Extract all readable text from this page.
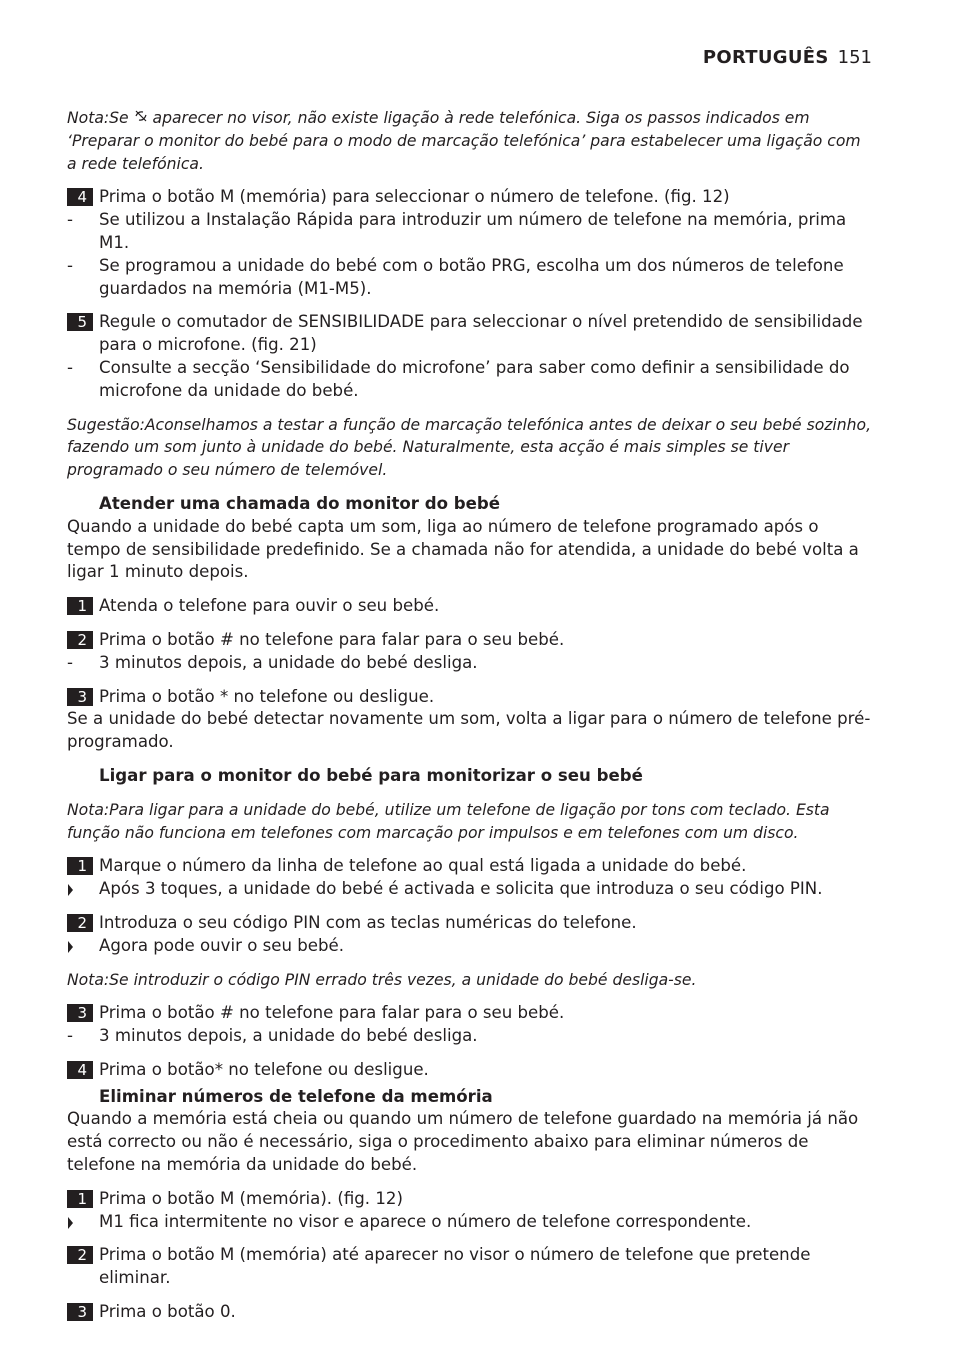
PORTUGUÊS 151
Nota:Se  aparecer no visor, não existe ligação à rede telefónica. Siga os passos indicados em ‘Preparar o monitor do bebé para o modo de marcação telefónica’ para estabelecer uma ligação com a rede telefónica.
4 Prima o botão M (memória) para seleccionar o número de telefone. (fig. 12)
-	Se utilizou a Instalação Rápida para introduzir um número de telefone na memória, prima M1.
-	Se programou a unidade do bebé com o botão PRG, escolha um dos números de telefone guardados na memória (M1-M5).
5 Regule o comutador de SENSIBILIDADE para seleccionar o nível pretendido de sensibilidade para o microfone. (fig. 21)
-	Consulte a secção ‘Sensibilidade do microfone’ para saber como definir a sensibilidade do microfone da unidade do bebé.
Sugestão:Aconselhamos a testar a função de marcação telefónica antes de deixar o seu bebé sozinho, fazendo um som junto à unidade do bebé. Naturalmente, esta acção é mais simples se tiver programado o seu número de telemóvel.
Atender uma chamada do monitor do bebé
Quando a unidade do bebé capta um som, liga ao número de telefone programado após o tempo de sensibilidade predefinido. Se a chamada não for atendida, a unidade do bebé volta a ligar 1 minuto depois.
1 Atenda o telefone para ouvir o seu bebé.
2 Prima o botão # no telefone para falar para o seu bebé.
-	3 minutos depois, a unidade do bebé desliga.
3 Prima o botão * no telefone ou desligue.
Se a unidade do bebé detectar novamente um som, volta a ligar para o número de telefone pré-programado.
Ligar para o monitor do bebé para monitorizar o seu bebé
Nota:Para ligar para a unidade do bebé, utilize um telefone de ligação por tons com teclado. Esta função não funciona em telefones com marcação por impulsos e em telefones com um disco.
1 Marque o número da linha de telefone ao qual está ligada a unidade do bebé.
Após 3 toques, a unidade do bebé é activada e solicita que introduza o seu código PIN.
2 Introduza o seu código PIN com as teclas numéricas do telefone.
Agora pode ouvir o seu bebé.
Nota:Se introduzir o código PIN errado três vezes, a unidade do bebé desliga-se.
3 Prima o botão # no telefone para falar para o seu bebé.
-	3 minutos depois, a unidade do bebé desliga.
4 Prima o botão* no telefone ou desligue.
Eliminar números de telefone da memória
Quando a memória está cheia ou quando um número de telefone guardado na memória já não está correcto ou não é necessário, siga o procedimento abaixo para eliminar números de telefone na memória da unidade do bebé.
1 Prima o botão M (memória). (fig. 12)
M1 fica intermitente no visor e aparece o número de telefone correspondente.
2 Prima o botão M (memória) até aparecer no visor o número de telefone que pretende eliminar.
3 Prima o botão 0.
